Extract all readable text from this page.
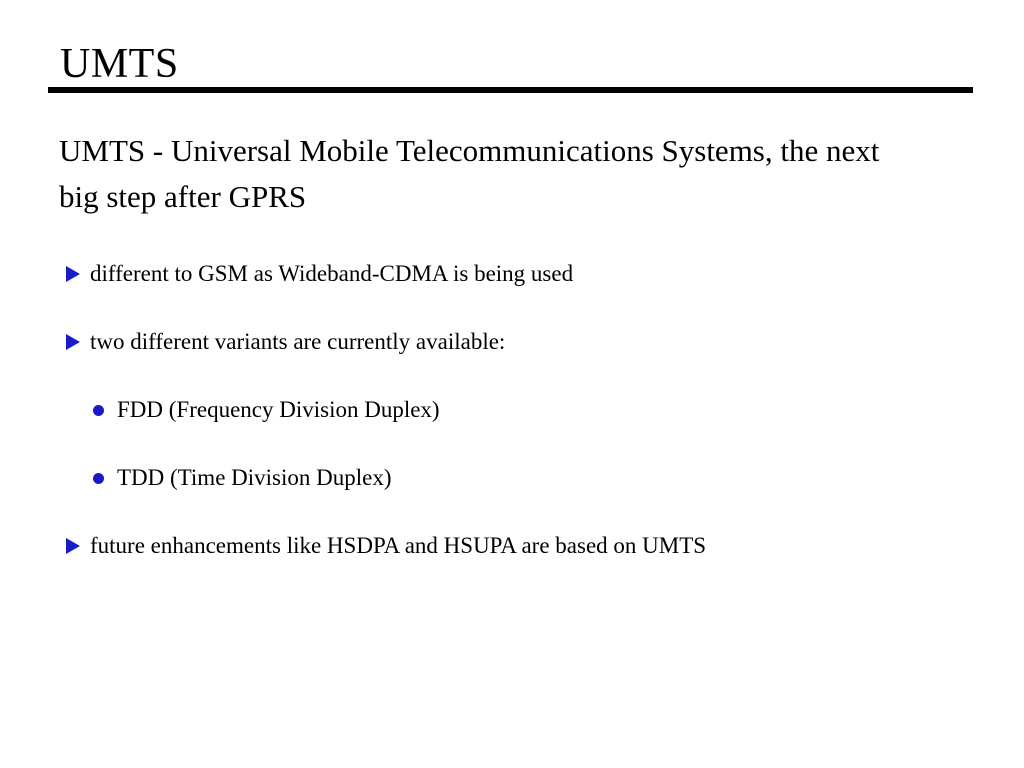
UMTS
UMTS - Universal Mobile Telecommunications Systems, the next
big step after GPRS
different to GSM as Wideband-CDMA is being used
two different variants are currently available:
FDD (Frequency Division Duplex)
TDD (Time Division Duplex)
future enhancements like HSDPA and HSUPA are based on UMTS
